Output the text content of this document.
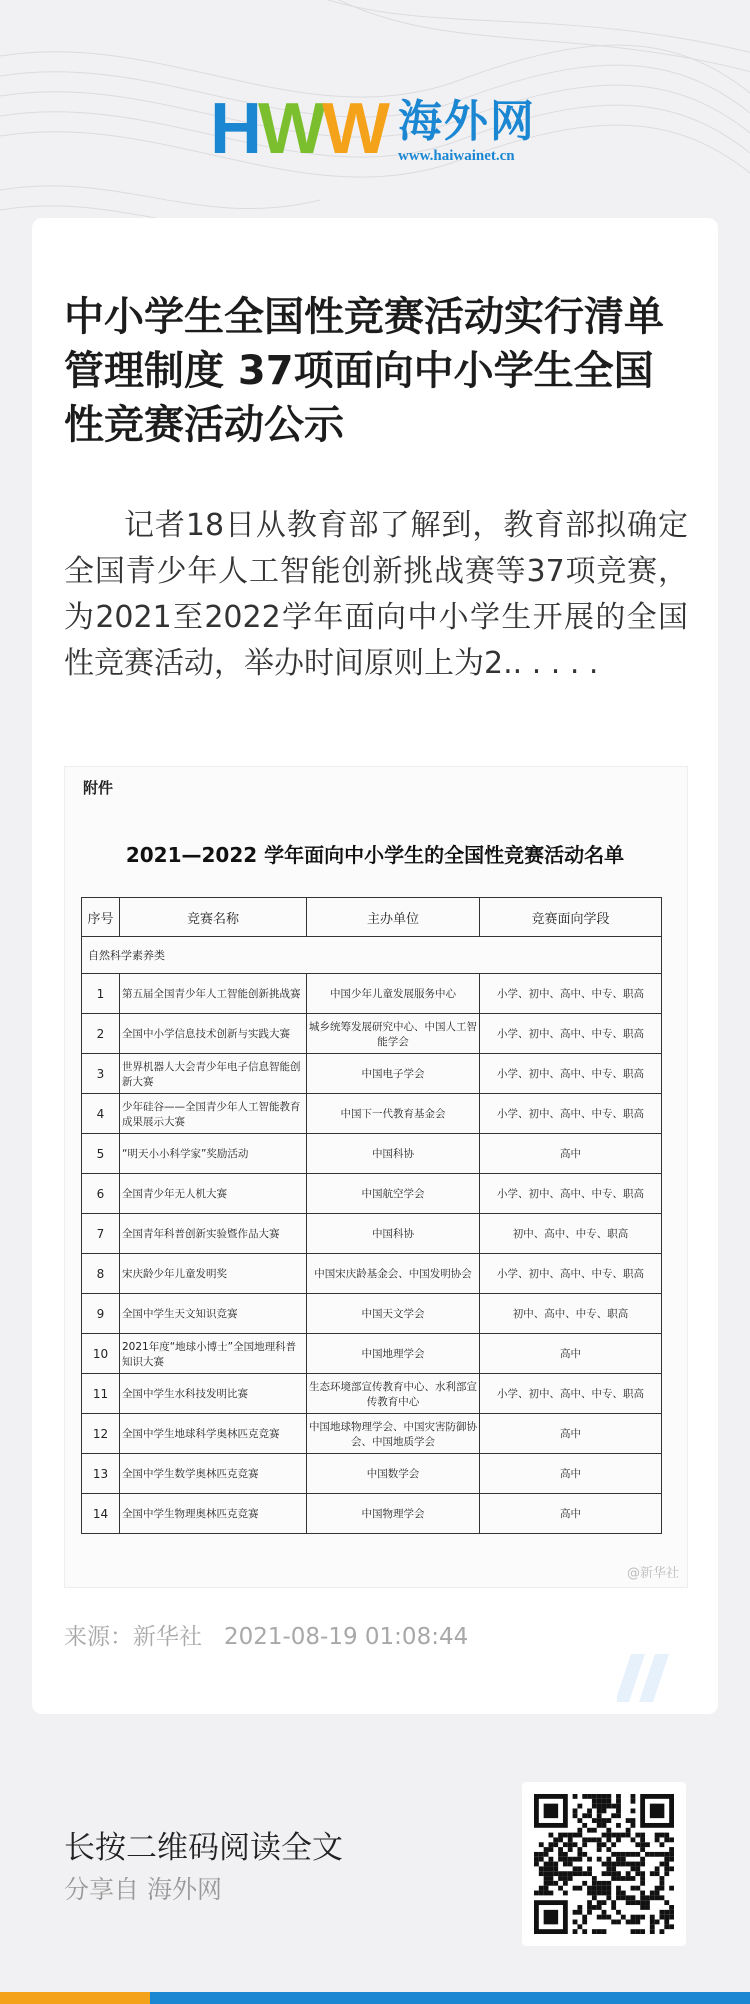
H W W 海外网
www.haiwainet.cn
中小学生全国性竞赛活动实行清单管理制度 37项面向中小学生全国性竞赛活动公示

记者18日从教育部了解到，教育部拟确定全国青少年人工智能创新挑战赛等37项竞赛，为2021至2022学年面向中小学生开展的全国性竞赛活动，举办时间原则上为2.. . . . .

附件
2021—2022 学年面向中小学生的全国性竞赛活动名单
序号	竞赛名称	主办单位	竞赛面向学段
自然科学素养类			
1	第五届全国青少年人工智能创新挑战赛	中国少年儿童发展服务中心	小学、初中、高中、中专、职高
2	全国中小学信息技术创新与实践大赛	城乡统筹发展研究中心、中国人工智能学会	小学、初中、高中、中专、职高
3	世界机器人大会青少年电子信息智能创新大赛	中国电子学会	小学、初中、高中、中专、职高
4	少年硅谷——全国青少年人工智能教育成果展示大赛	中国下一代教育基金会	小学、初中、高中、中专、职高
5	“明天小小科学家”奖励活动	中国科协	高中
6	全国青少年无人机大赛	中国航空学会	小学、初中、高中、中专、职高
7	全国青年科普创新实验暨作品大赛	中国科协	初中、高中、中专、职高
8	宋庆龄少年儿童发明奖	中国宋庆龄基金会、中国发明协会	小学、初中、高中、中专、职高
9	全国中学生天文知识竞赛	中国天文学会	初中、高中、中专、职高
10	2021年度“地球小博士”全国地理科普知识大赛	中国地理学会	高中
11	全国中学生水科技发明比赛	生态环境部宣传教育中心、水利部宣传教育中心	小学、初中、高中、中专、职高
12	全国中学生地球科学奥林匹克竞赛	中国地球物理学会、中国灾害防御协会、中国地质学会	高中
13	全国中学生数学奥林匹克竞赛	中国数学会	高中
14	全国中学生物理奥林匹克竞赛	中国物理学会	高中
@新华社
来源：新华社 2021-08-19 01:08:44
长按二维码阅读全文
分享自 海外网
